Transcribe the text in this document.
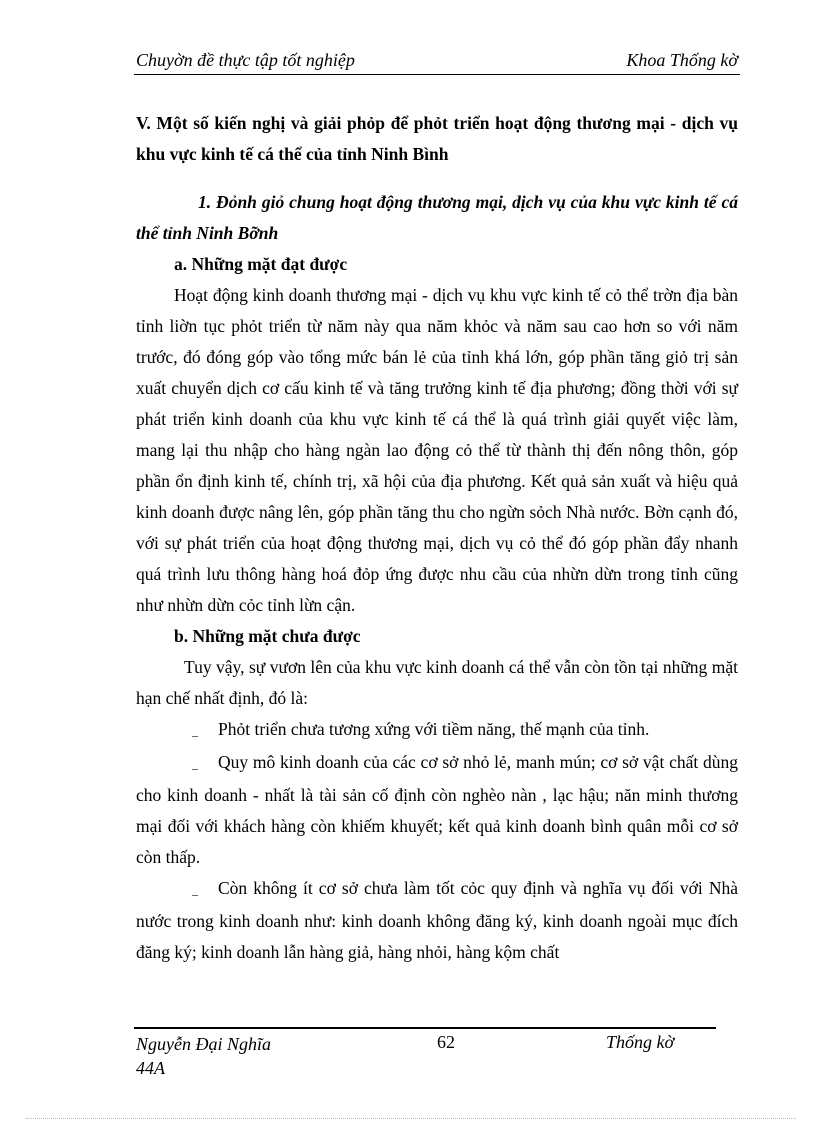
Chuyờn đề thực tập tốt nghiệp	Khoa Thống kờ

V. Một số kiến nghị và giải phỏp để phỏt triển hoạt động thương mại - dịch vụ khu vực kinh tế cá thể của tỉnh Ninh Bình

1. Đỏnh giỏ chung hoạt động thương mại, dịch vụ của khu vực kinh tế cá thể tỉnh Ninh Bỡnh

a. Những mặt đạt được

Hoạt động kinh doanh thương mại - dịch vụ khu vực kinh tế cỏ thể trờn địa bàn tỉnh liờn tục phỏt triển từ năm này qua năm khỏc và năm sau cao hơn so với năm trước, đó đóng góp vào tổng mức bán lẻ của tỉnh khá lớn, góp phần tăng giỏ trị sản xuất chuyển dịch cơ cấu kinh tế và tăng trưởng kinh tế địa phương; đồng thời với sự phát triển kinh doanh của khu vực kinh tế cá thể là quá trình giải quyết việc làm, mang lại thu nhập cho hàng ngàn lao động cỏ thể từ thành thị đến nông thôn, góp phần ổn định kinh tế, chính trị, xã hội của địa phương. Kết quả sản xuất và hiệu quả kinh doanh được nâng lên, góp phần tăng thu cho ngừn sỏch Nhà nước. Bờn cạnh đó, với sự phát triển của hoạt động thương mại, dịch vụ cỏ thể đó góp phần đẩy nhanh quá trình lưu thông hàng hoá đỏp ứng được nhu cầu của nhừn dừn trong tỉnh cũng như nhừn dừn cỏc tỉnh lừn cận.

b. Những mặt chưa được

Tuy vậy, sự vươn lên của khu vực kinh doanh cá thể vẫn còn tồn tại những mặt hạn chế nhất định, đó là:

_ Phỏt triển chưa tương xứng với tiềm năng, thế mạnh của tỉnh.
_ Quy mô kinh doanh của các cơ sở nhỏ lẻ, manh mún; cơ sở vật chất dùng cho kinh doanh - nhất là tài sản cố định còn nghèo nàn , lạc hậu; năn minh thương mại đối với khách hàng còn khiếm khuyết; kết quả kinh doanh bình quân mỗi cơ sở còn thấp.
_ Còn không ít cơ sở chưa làm tốt cỏc quy định và nghĩa vụ đối với Nhà nước trong kinh doanh như: kinh doanh không đăng ký, kinh doanh ngoài mục đích đăng ký; kinh doanh lẫn hàng giả, hàng nhỏi, hàng kộm chất
Nguyễn Đại Nghĩa
44A
62	Thống kờ
